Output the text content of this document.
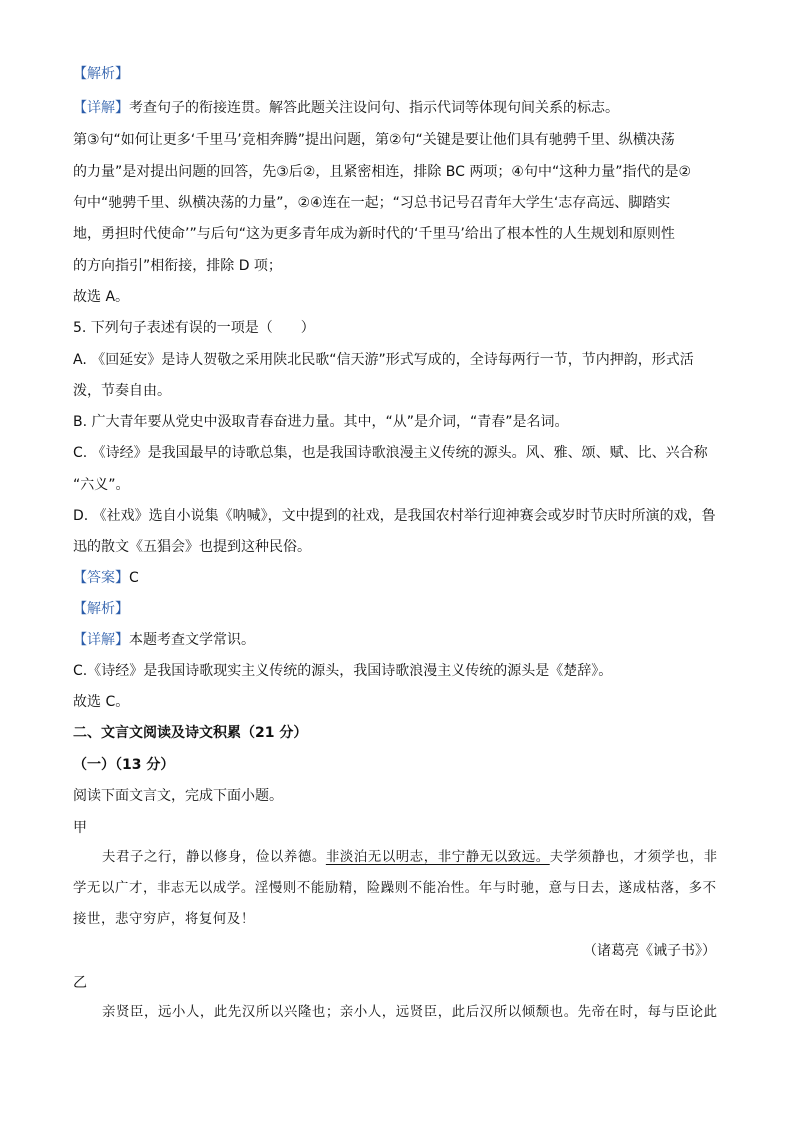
【解析】
【详解】考查句子的衔接连贯。解答此题关注设问句、指示代词等体现句间关系的标志。
第③句“如何让更多‘千里马’竞相奔腾”提出问题，第②句“关键是要让他们具有驰骋千里、纵横决荡
的力量”是对提出问题的回答，先③后②，且紧密相连，排除 BC 两项；④句中“这种力量”指代的是②
句中“驰骋千里、纵横决荡的力量”，②④连在一起；“习总书记号召青年大学生‘志存高远、脚踏实
地，勇担时代使命’”与后句“这为更多青年成为新时代的‘千里马’给出了根本性的人生规划和原则性
的方向指引”相衔接，排除 D 项；
故选 A。
5. 下列句子表述有误的一项是（　　）
A. 《回延安》是诗人贺敬之采用陕北民歌“信天游”形式写成的，全诗每两行一节，节内押韵，形式活
泼，节奏自由。
B. 广大青年要从党史中汲取青春奋进力量。其中，“从”是介词，“青春”是名词。
C. 《诗经》是我国最早的诗歌总集，也是我国诗歌浪漫主义传统的源头。风、雅、颂、赋、比、兴合称
“六义”。
D. 《社戏》选自小说集《呐喊》，文中提到的社戏，是我国农村举行迎神赛会或岁时节庆时所演的戏，鲁
迅的散文《五猖会》也提到这种民俗。
【答案】C
【解析】
【详解】本题考查文学常识。
C.《诗经》是我国诗歌现实主义传统的源头，我国诗歌浪漫主义传统的源头是《楚辞》。
故选 C。
二、文言文阅读及诗文积累（21 分）
（一）（13 分）
阅读下面文言文，完成下面小题。
甲
夫君子之行，静以修身，俭以养德。非淡泊无以明志，非宁静无以致远。夫学须静也，才须学也，非
学无以广才，非志无以成学。淫慢则不能励精，险躁则不能冶性。年与时驰，意与日去，遂成枯落，多不
接世，悲守穷庐，将复何及！
（诸葛亮《诫子书》）
乙
亲贤臣，远小人，此先汉所以兴隆也；亲小人，远贤臣，此后汉所以倾颓也。先帝在时，每与臣论此
